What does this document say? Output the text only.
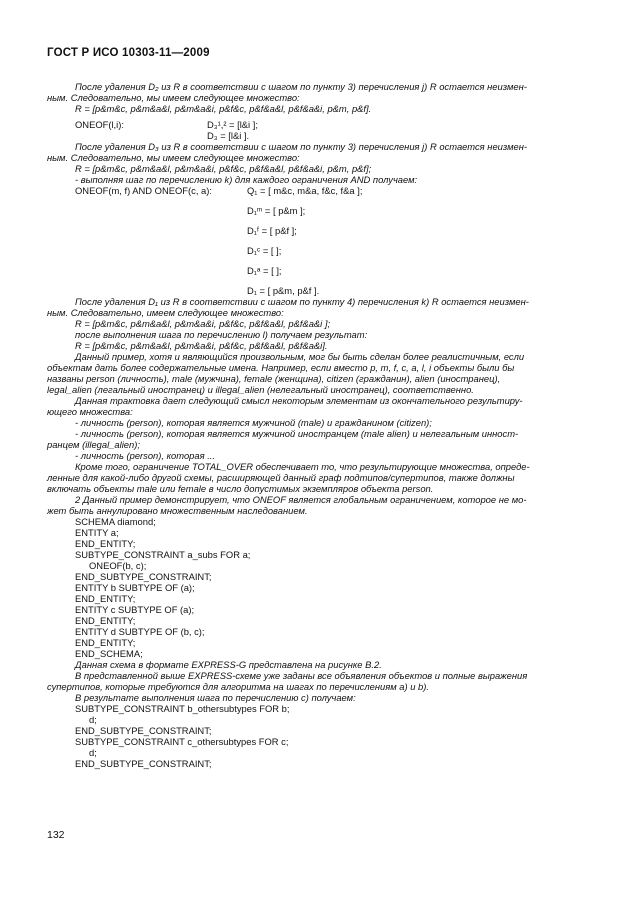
ГОСТ Р ИСО 10303-11—2009
После удаления D₂ из R в соответствии с шагом по пункту 3) перечисления j) R остается неизмен-
ным. Следовательно, мы имеем следующее множество:
R = [p&m&c, p&m&a&l, p&m&a&i, p&f&c, p&f&a&l, p&f&a&i, p&m, p&f].
ONEOF(l,i):	D₃¹,² = [l&i ];
D₃ = [l&i ].
После удаления D₃ из R в соответствии с шагом по пункту 3) перечисления j) R остается неизмен-
ным. Следовательно, мы имеем следующее множество:
R = [p&m&c, p&m&a&l, p&m&a&i, p&f&c, p&f&a&l, p&f&a&i, p&m, p&f];
- выполняя шаг по перечислению k) для каждого ограничения AND получаем:
ONEOF(m, f) AND ONEOF(c, a):	Q₁ = [ m&c, m&a, f&c, f&a ];
D₁ᵐ = [ p&m ];
D₁ᶠ = [ p&f ];
D₁ᶜ = [ ];
D₁ᵃ = [ ];
D₁ = [ p&m, p&f ].
После удаления D₁ из R в соответствии с шагом по пункту 4) перечисления k) R остается неизмен-
ным. Следовательно, имеем следующее множество:
R = [p&m&c, p&m&a&l, p&m&a&i, p&f&c, p&f&a&l, p&f&a&i ];
после выполнения шага по перечислению l) получаем результат:
R = [p&m&c, p&m&a&l, p&m&a&i, p&f&c, p&f&a&l, p&f&a&i].
Данный пример, хотя и являющийся произвольным, мог бы быть сделан более реалистичным, если
объектам дать более содержательные имена. Например, если вместо p, m, f, c, a, l, i объекты были бы
названы person (личность), male (мужчина), female (женщина), citizen (гражданин), alien (иностранец),
legal_alien (легальный иностранец) и illegal_alien (нелегальный иностранец), соответственно.
Данная трактовка дает следующий смысл некоторым элементам из окончательного результиру-
ющего множества:
- личность (person), которая является мужчиной (male) и гражданином (citizen);
- личность (person), которая является мужчиной иностранцем (male alien) и нелегальным инност-
ранцем (illegal_alien);
- личность (person), которая ...
Кроме того, ограничение TOTAL_OVER обеспечивает то, что результирующие множества, опреде-
ленные для какой-либо другой схемы, расширяющей данный граф подтипов/супертипов, также должны
включать объекты male или female в число допустимых экземпляров объекта person.
2 Данный пример демонстрирует, что ONEOF является глобальным ограничением, которое не мо-
жет быть аннулировано множественным наследованием.
SCHEMA diamond;
ENTITY a;
END_ENTITY;
SUBTYPE_CONSTRAINT a_subs FOR a;
ONEOF(b, c);
END_SUBTYPE_CONSTRAINT;
ENTITY b SUBTYPE OF (a);
END_ENTITY;
ENTITY c SUBTYPE OF (a);
END_ENTITY;
ENTITY d SUBTYPE OF (b, c);
END_ENTITY;
END_SCHEMA;
Данная схема в формате EXPRESS-G представлена на рисунке B.2.
В представленной выше EXPRESS-схеме уже заданы все объявления объектов и полные выражения
супертипов, которые требуются для алгоритма на шагах по перечислениям a) и b).
В результате выполнения шага по перечислению c) получаем:
SUBTYPE_CONSTRAINT b_othersubtypes FOR b;
d;
END_SUBTYPE_CONSTRAINT;
SUBTYPE_CONSTRAINT c_othersubtypes FOR c;
d;
END_SUBTYPE_CONSTRAINT;
132
